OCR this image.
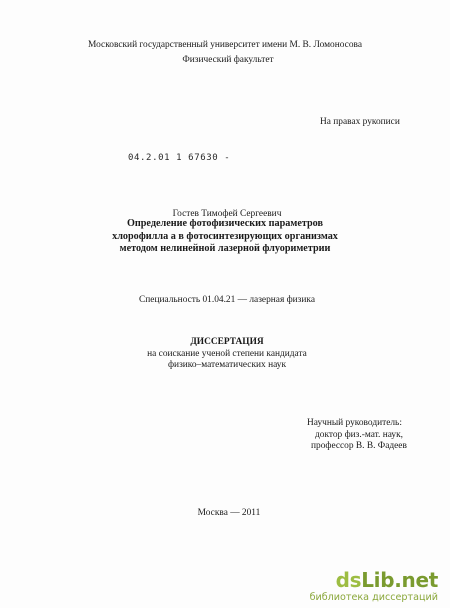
Московский государственный университет имени М. В. Ломоносова
Физический факультет
На правах рукописи
04.2.01 1 67630 -
Гостев Тимофей Сергеевич
Определение фотофизических параметров
хлорофилла а в фотосинтезирующих организмах
методом нелинейной лазерной флуориметрии
Специальность 01.04.21 — лазерная физика
ДИССЕРТАЦИЯ
на соискание ученой степени кандидата
физико–математических наук
Научный руководитель:
доктор физ.-мат. наук,
профессор В. В. Фадеев
Москва — 2011
dsLib.net
библиотека диссертаций
